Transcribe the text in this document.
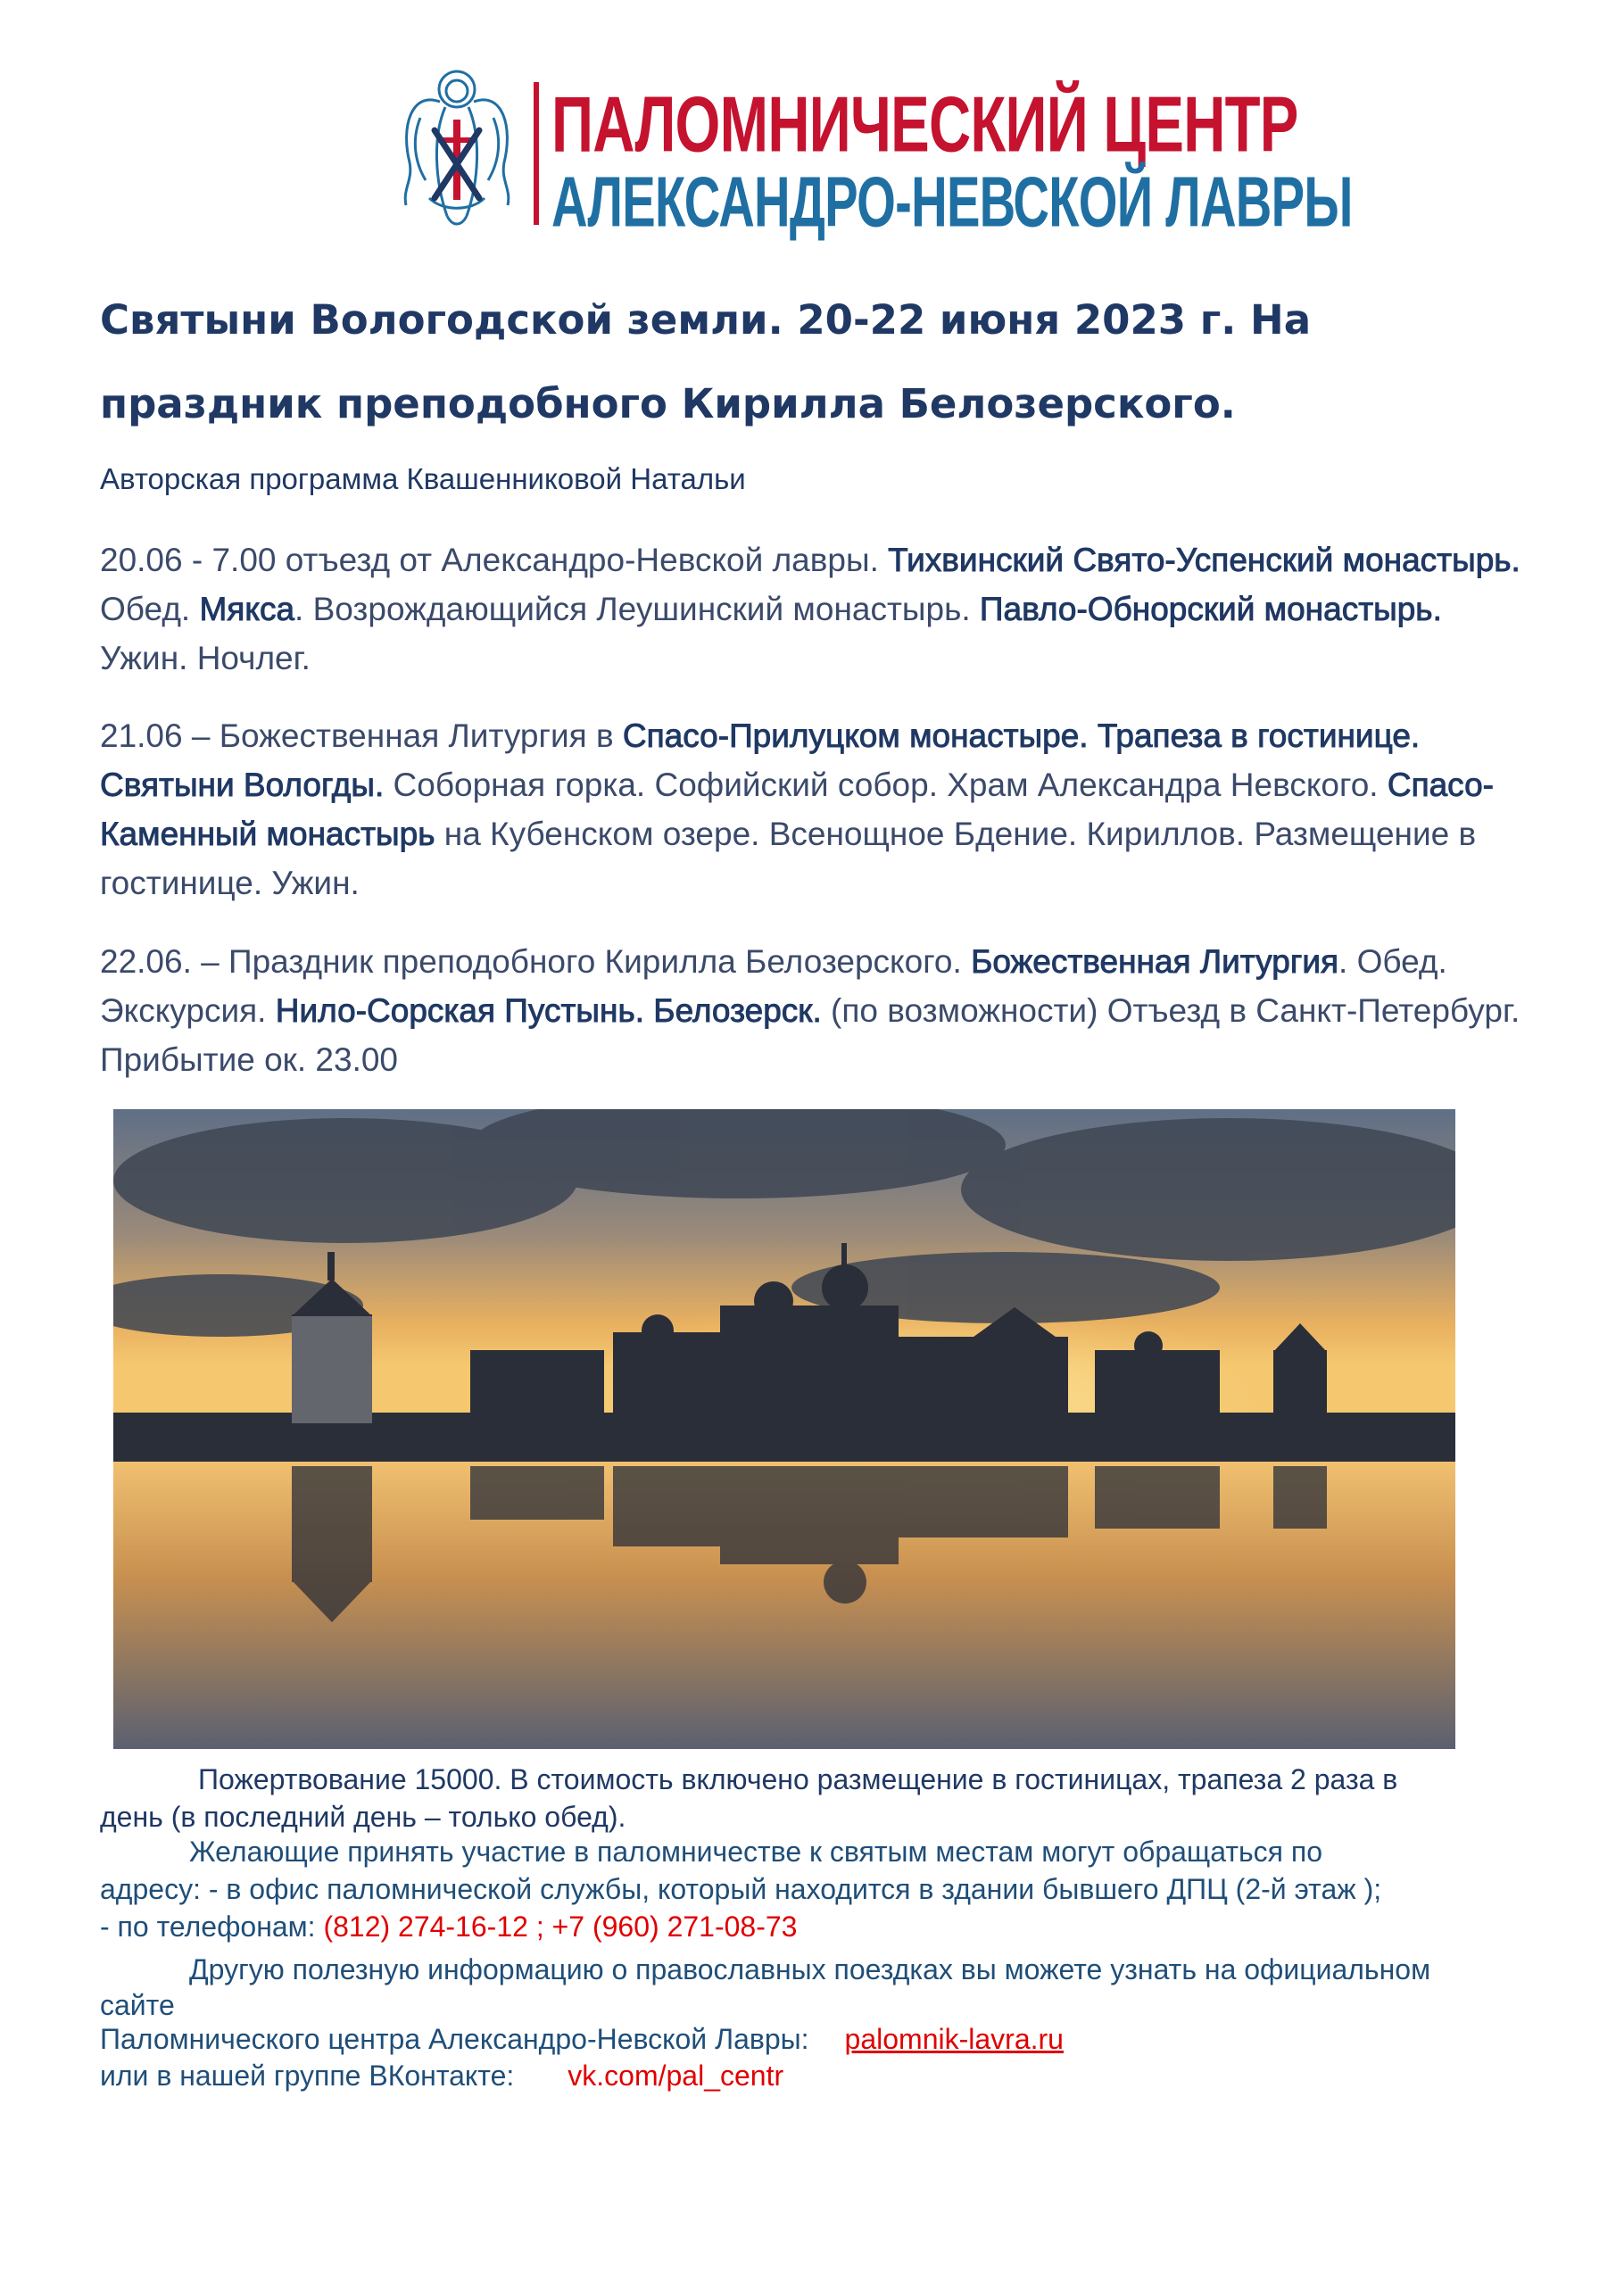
ПАЛОМНИЧЕСКИЙ ЦЕНТР
АЛЕКСАНДРО-НЕВСКОЙ ЛАВРЫ
Святыни Вологодской земли. 20-22 июня 2023 г. На
праздник преподобного Кирилла Белозерского.
Авторская программа Квашенниковой Натальи
20.06 - 7.00 отъезд от Александро-Невской лавры. Тихвинский Свято-Успенский монастырь. Обед. Мякса. Возрождающийся Леушинский монастырь. Павло-Обнорский монастырь. Ужин. Ночлег.
21.06 – Божественная Литургия в Спасо-Прилуцком монастыре. Трапеза в гостинице. Святыни Вологды. Соборная горка. Софийский собор. Храм Александра Невского. Спасо-Каменный монастырь на Кубенском озере. Всенощное Бдение. Кириллов. Размещение в гостинице. Ужин.
22.06. – Праздник преподобного Кирилла Белозерского. Божественная Литургия. Обед. Экскурсия. Нило-Сорская Пустынь. Белозерск. (по возможности) Отъезд в Санкт-Петербург. Прибытие ок. 23.00
Пожертвование 15000. В стоимость включено размещение в гостиницах, трапеза 2 раза в
день (в последний день – только обед).
Желающие принять участие в паломничестве к святым местам могут обращаться по
адресу: - в офис паломнической службы, который находится в здании бывшего ДПЦ (2-й этаж );
- по телефонам: (812) 274-16-12 ; +7 (960) 271-08-73
Другую полезную информацию о православных поездках вы можете узнать на официальном
сайте
Паломнического центра Александро-Невской Лавры: palomnik-lavra.ru
или в нашей группе ВКонтакте: vk.com/pal_centr
